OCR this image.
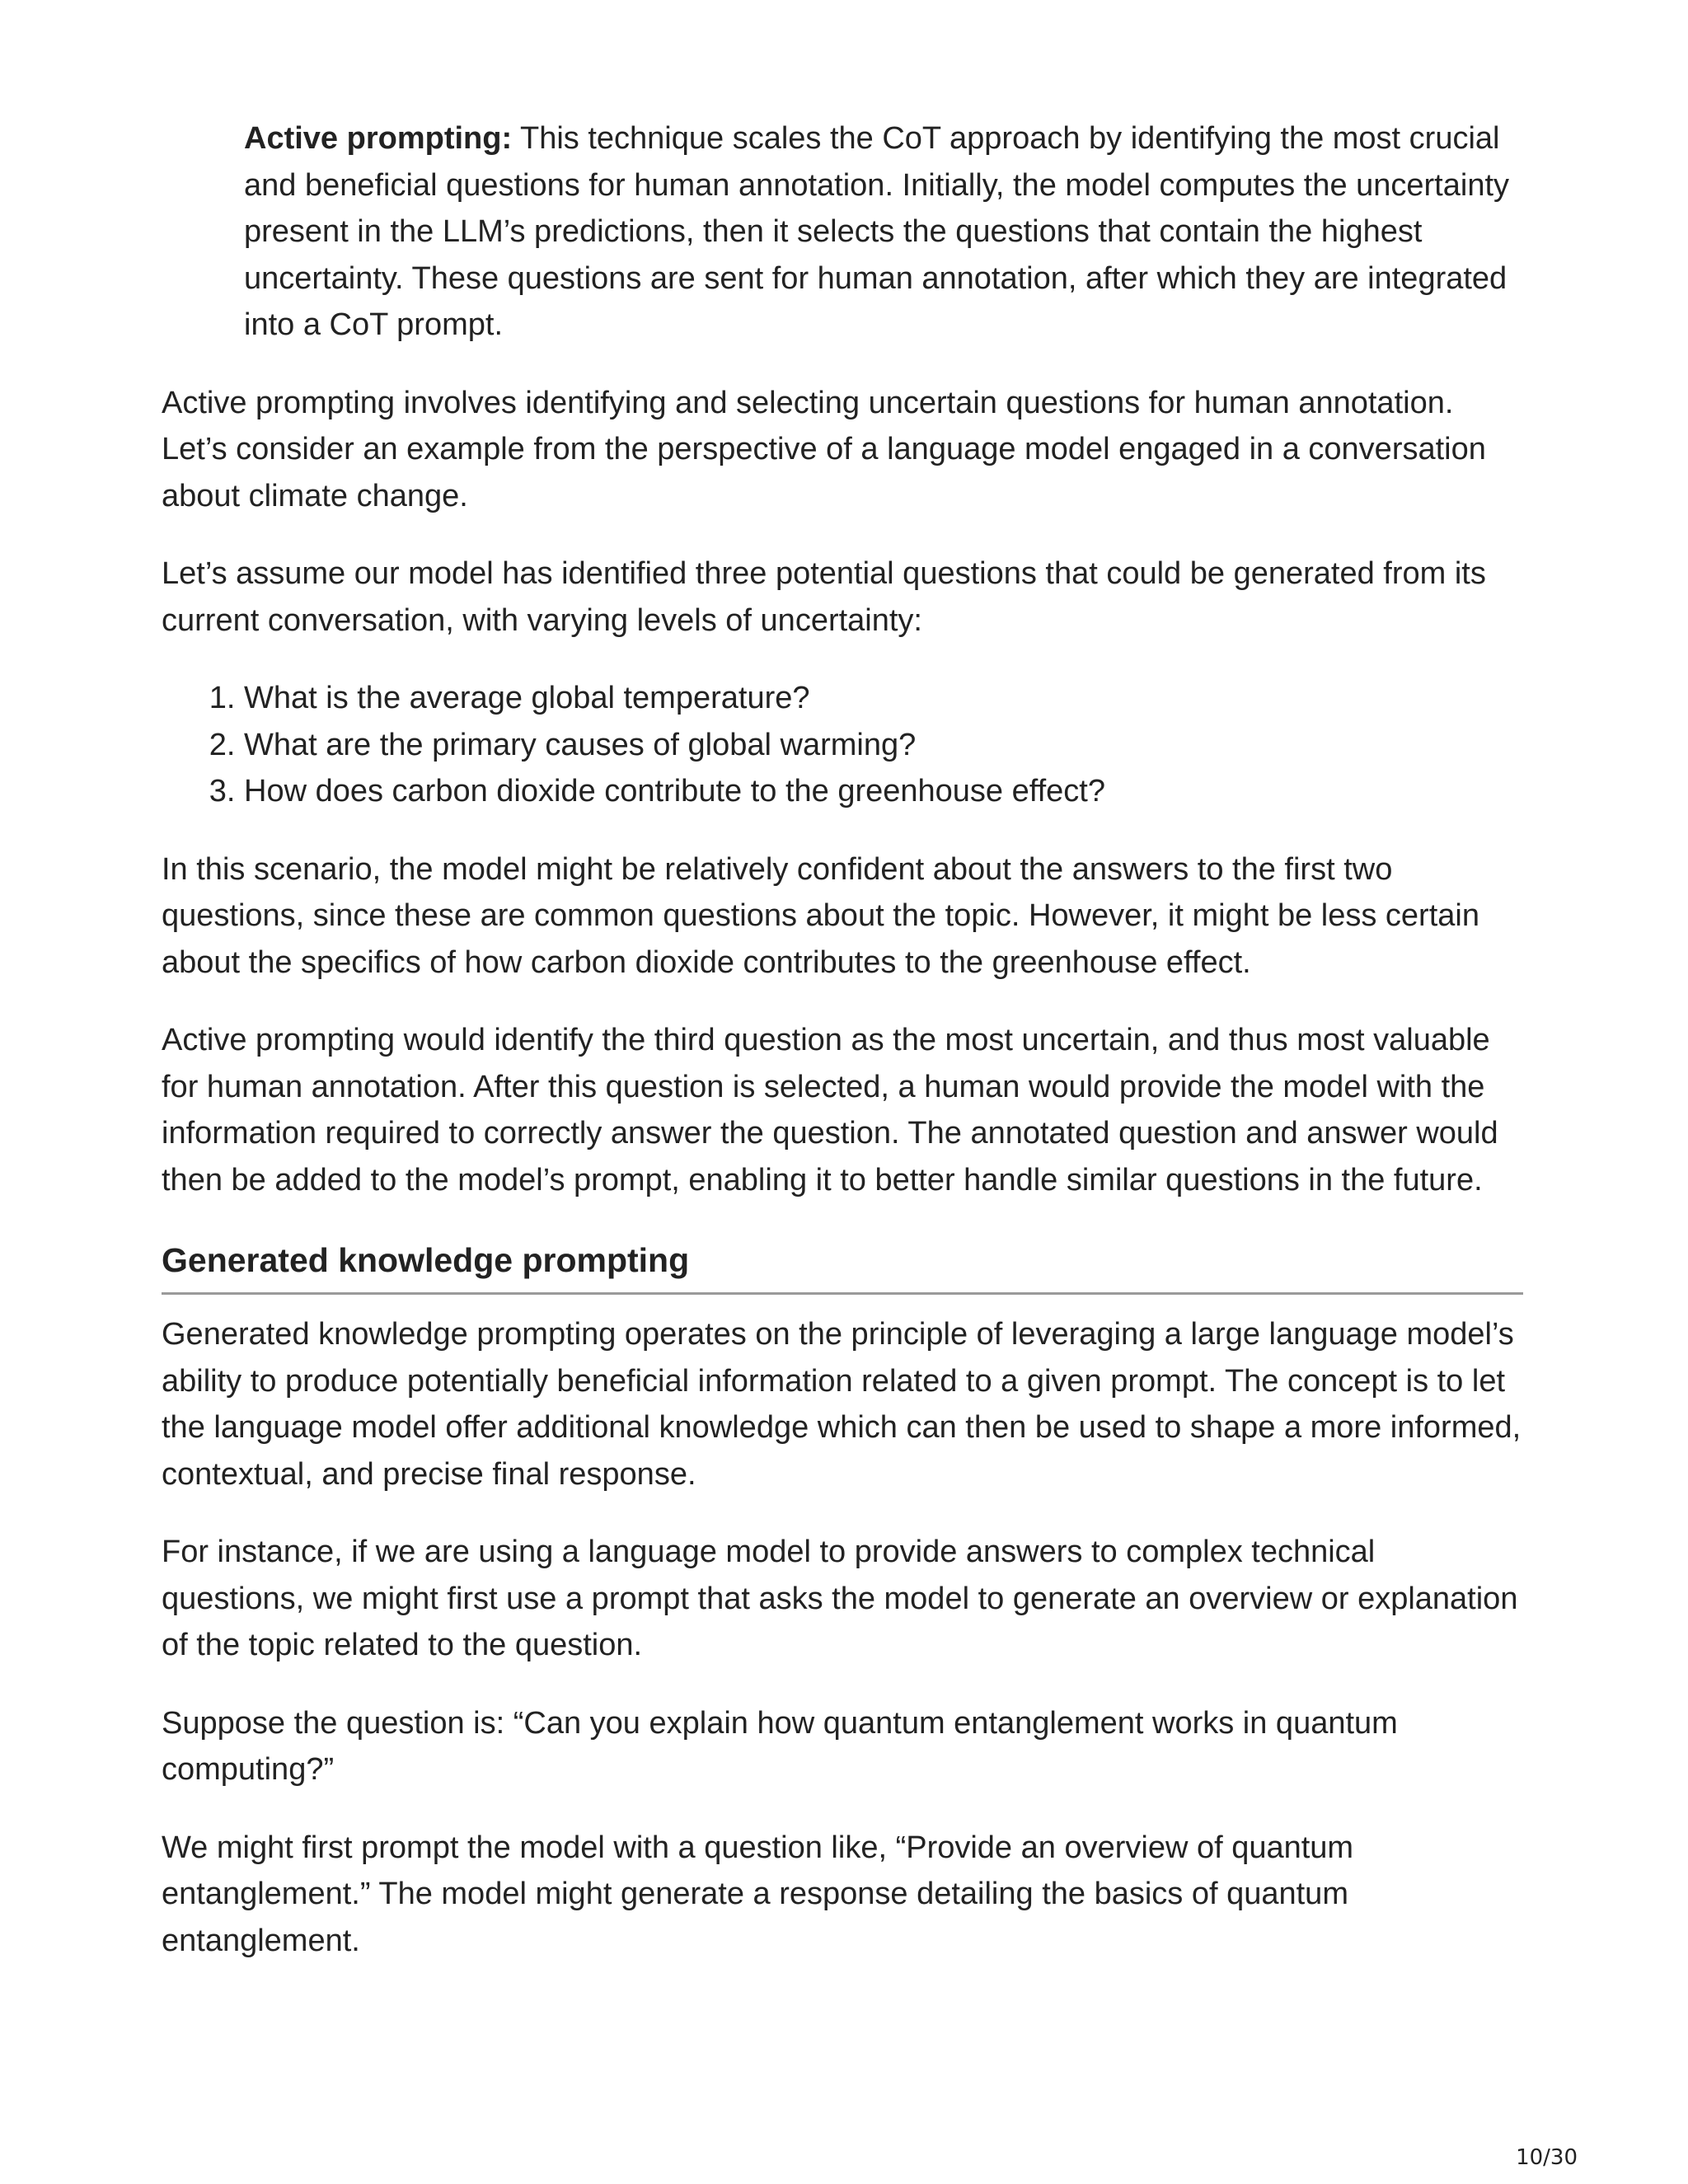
Active prompting: This technique scales the CoT approach by identifying the most crucial and beneficial questions for human annotation. Initially, the model computes the uncertainty present in the LLM’s predictions, then it selects the questions that contain the highest uncertainty. These questions are sent for human annotation, after which they are integrated into a CoT prompt.

Active prompting involves identifying and selecting uncertain questions for human annotation. Let’s consider an example from the perspective of a language model engaged in a conversation about climate change.

Let’s assume our model has identified three potential questions that could be generated from its current conversation, with varying levels of uncertainty:

1. What is the average global temperature?
2. What are the primary causes of global warming?
3. How does carbon dioxide contribute to the greenhouse effect?

In this scenario, the model might be relatively confident about the answers to the first two questions, since these are common questions about the topic. However, it might be less certain about the specifics of how carbon dioxide contributes to the greenhouse effect.

Active prompting would identify the third question as the most uncertain, and thus most valuable for human annotation. After this question is selected, a human would provide the model with the information required to correctly answer the question. The annotated question and answer would then be added to the model’s prompt, enabling it to better handle similar questions in the future.

Generated knowledge prompting

Generated knowledge prompting operates on the principle of leveraging a large language model’s ability to produce potentially beneficial information related to a given prompt. The concept is to let the language model offer additional knowledge which can then be used to shape a more informed, contextual, and precise final response.

For instance, if we are using a language model to provide answers to complex technical questions, we might first use a prompt that asks the model to generate an overview or explanation of the topic related to the question.

Suppose the question is: “Can you explain how quantum entanglement works in quantum computing?”

We might first prompt the model with a question like, “Provide an overview of quantum entanglement.” The model might generate a response detailing the basics of quantum entanglement.

10/30
